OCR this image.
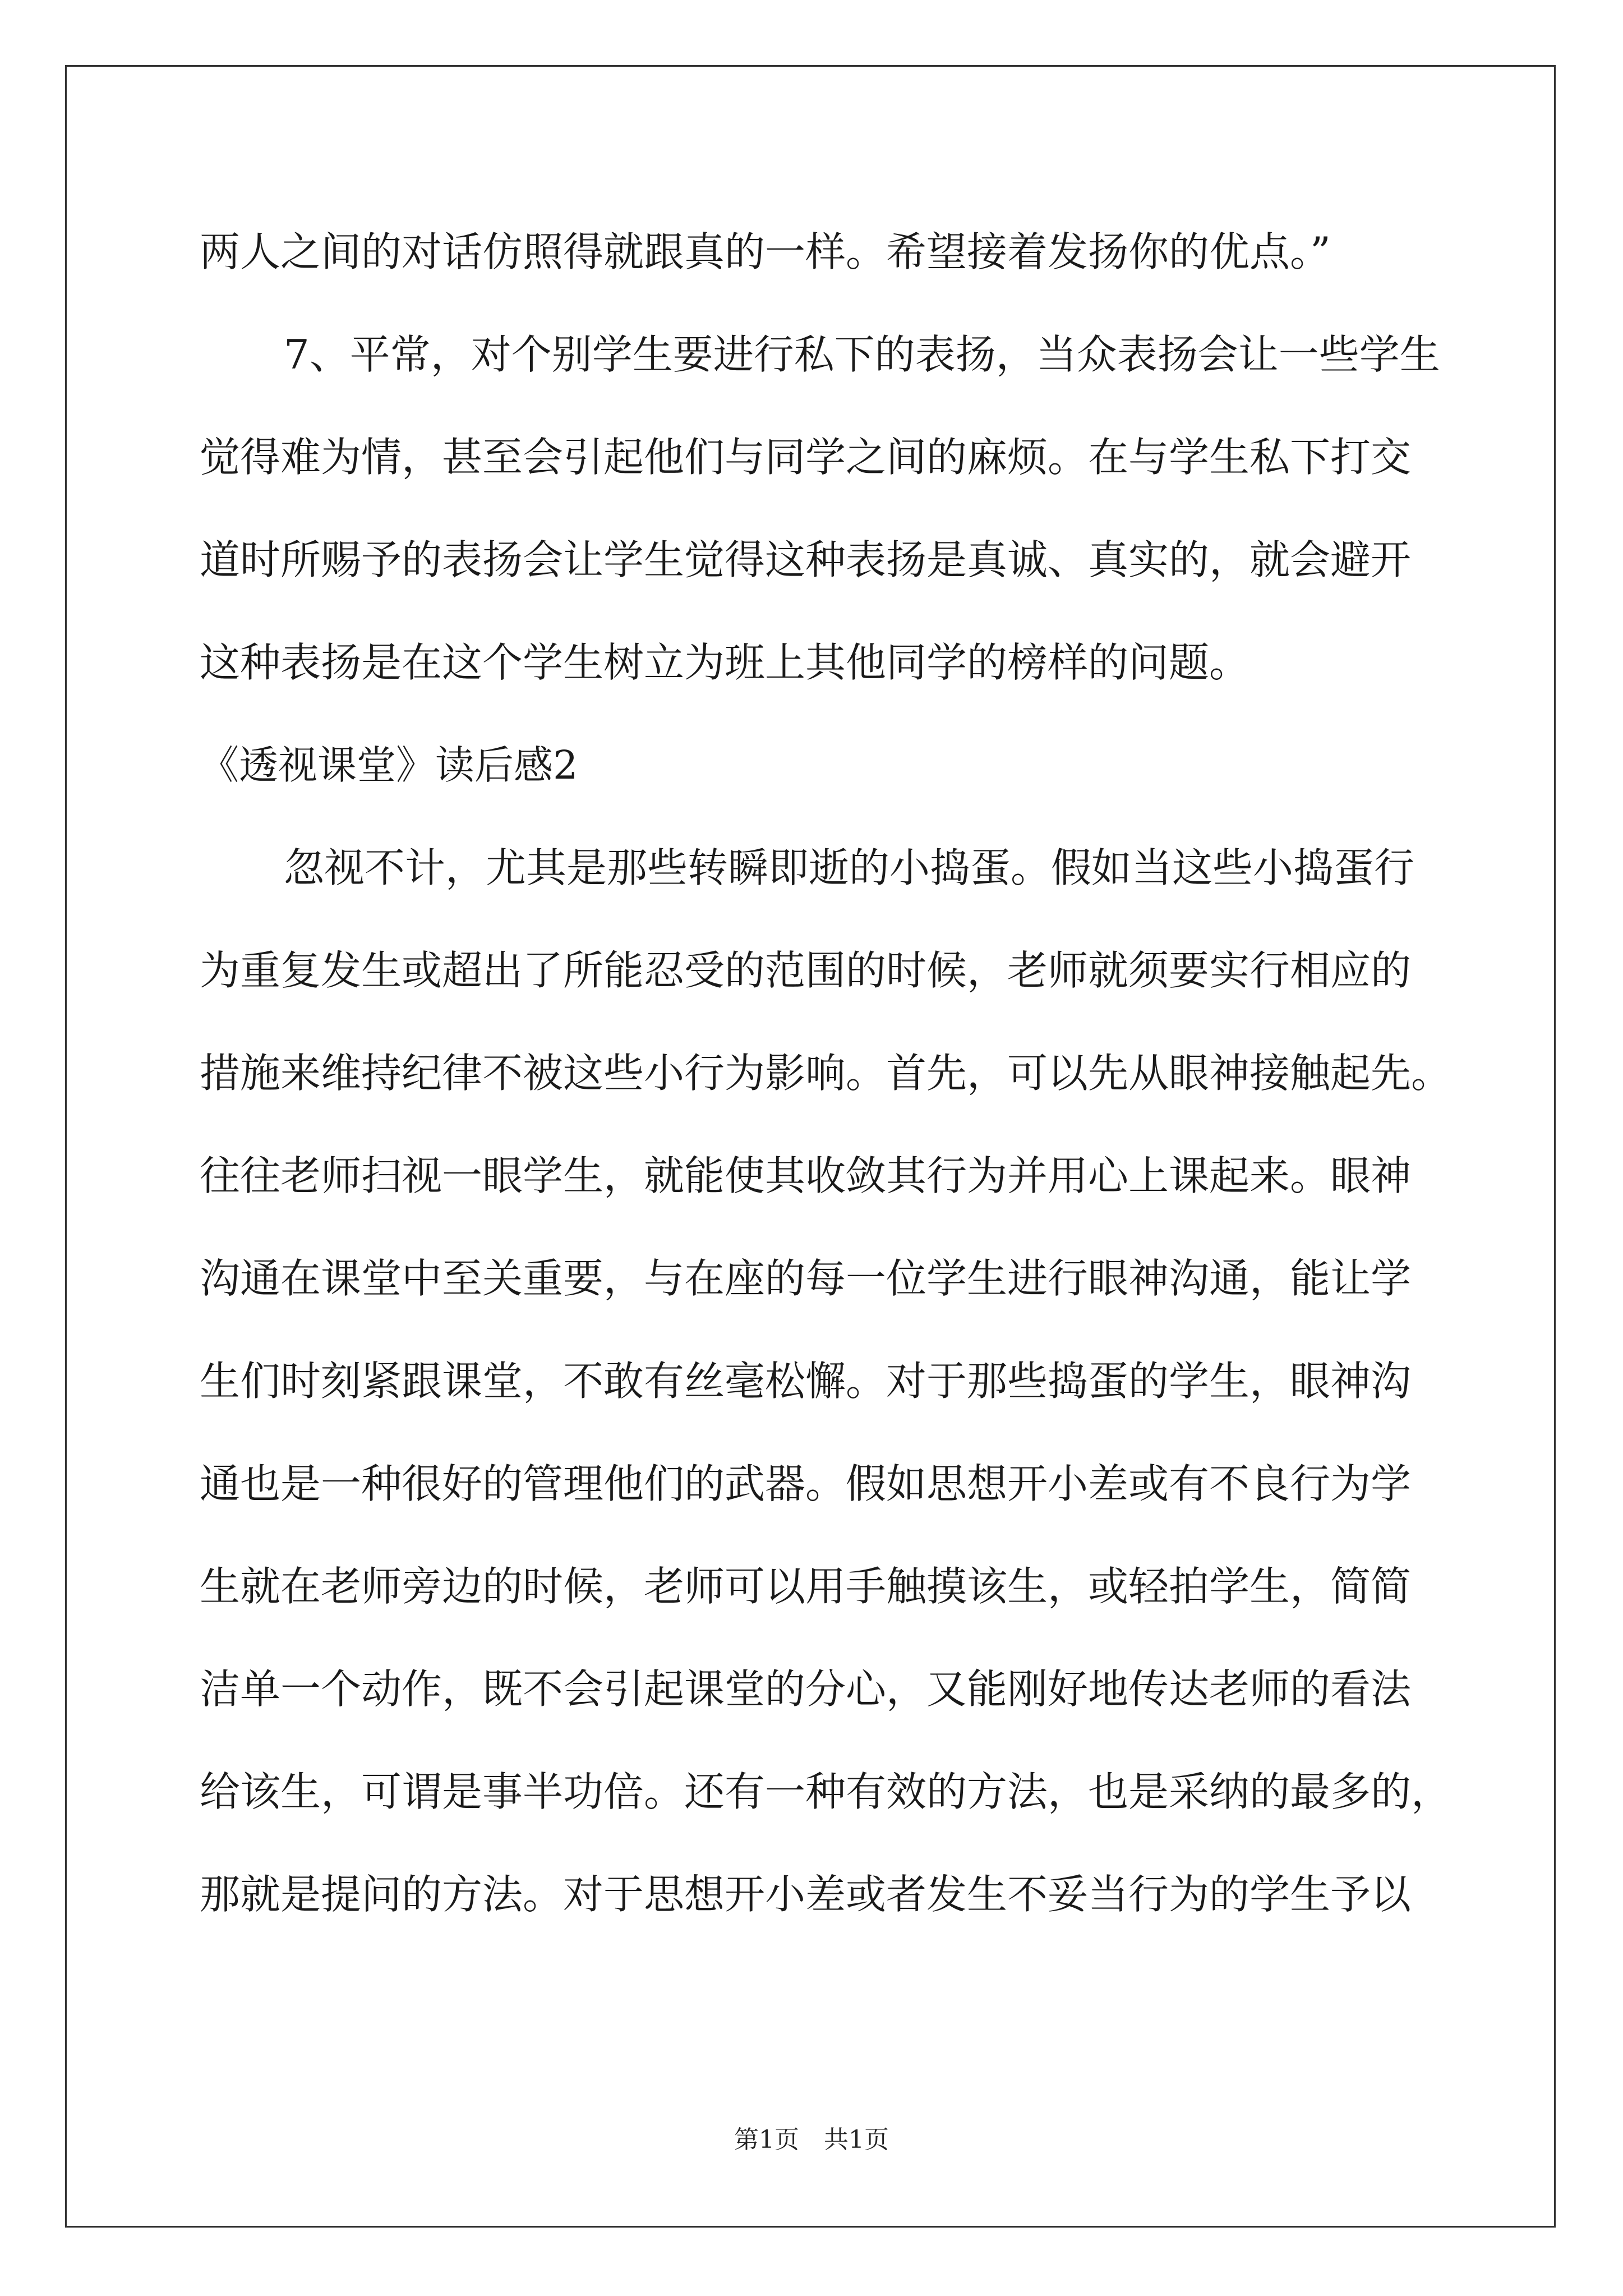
两人之间的对话仿照得就跟真的一样。希望接着发扬你的优点。”
7、平常，对个别学生要进行私下的表扬，当众表扬会让一些学生
觉得难为情，甚至会引起他们与同学之间的麻烦。在与学生私下打交
道时所赐予的表扬会让学生觉得这种表扬是真诚、真实的，就会避开
这种表扬是在这个学生树立为班上其他同学的榜样的问题。
《透视课堂》读后感2
忽视不计，尤其是那些转瞬即逝的小捣蛋。假如当这些小捣蛋行
为重复发生或超出了所能忍受的范围的时候，老师就须要实行相应的
措施来维持纪律不被这些小行为影响。首先，可以先从眼神接触起先。
往往老师扫视一眼学生，就能使其收敛其行为并用心上课起来。眼神
沟通在课堂中至关重要，与在座的每一位学生进行眼神沟通，能让学
生们时刻紧跟课堂，不敢有丝毫松懈。对于那些捣蛋的学生，眼神沟
通也是一种很好的管理他们的武器。假如思想开小差或有不良行为学
生就在老师旁边的时候，老师可以用手触摸该生，或轻拍学生，简简
洁单一个动作，既不会引起课堂的分心，又能刚好地传达老师的看法
给该生，可谓是事半功倍。还有一种有效的方法，也是采纳的最多的，
那就是提问的方法。对于思想开小差或者发生不妥当行为的学生予以
第1页　共1页
